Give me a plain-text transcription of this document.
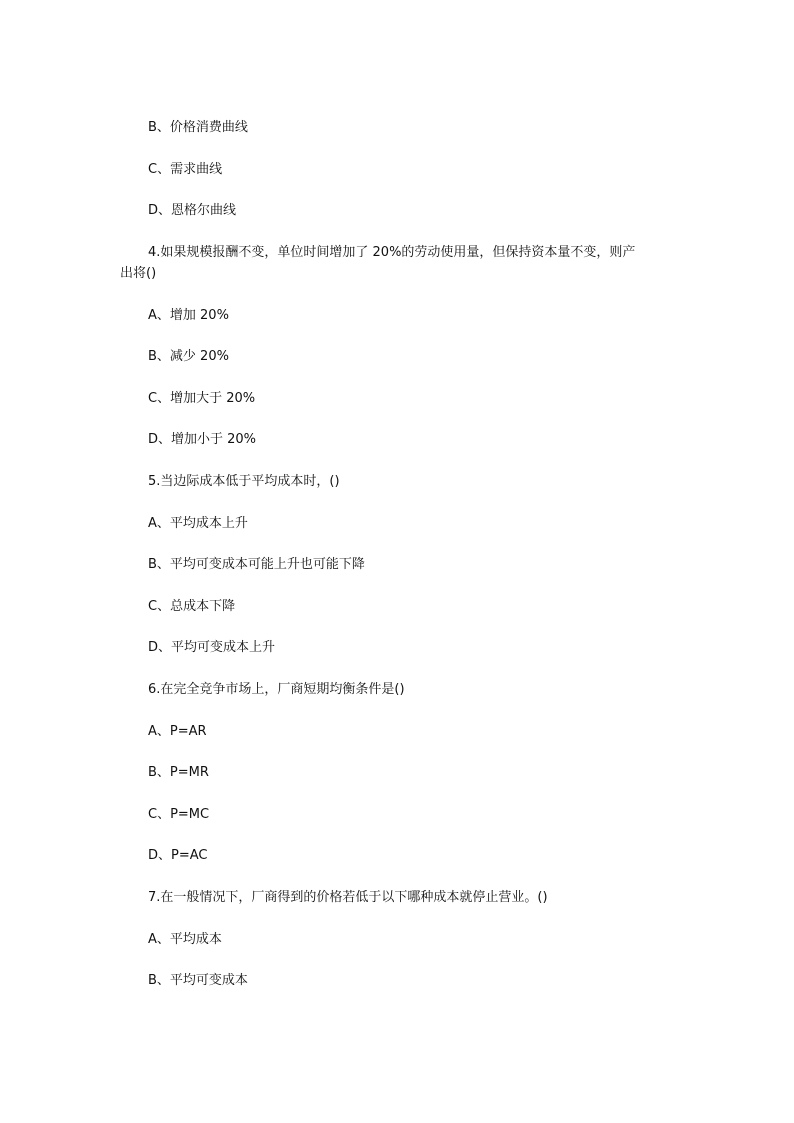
B、价格消费曲线
C、需求曲线
D、恩格尔曲线
4.如果规模报酬不变，单位时间增加了 20%的劳动使用量，但保持资本量不变，则产
出将()
A、增加 20%
B、减少 20%
C、增加大于 20%
D、增加小于 20%
5.当边际成本低于平均成本时，()
A、平均成本上升
B、平均可变成本可能上升也可能下降
C、总成本下降
D、平均可变成本上升
6.在完全竞争市场上，厂商短期均衡条件是()
A、P=AR
B、P=MR
C、P=MC
D、P=AC
7.在一般情况下，厂商得到的价格若低于以下哪种成本就停止营业。()
A、平均成本
B、平均可变成本
